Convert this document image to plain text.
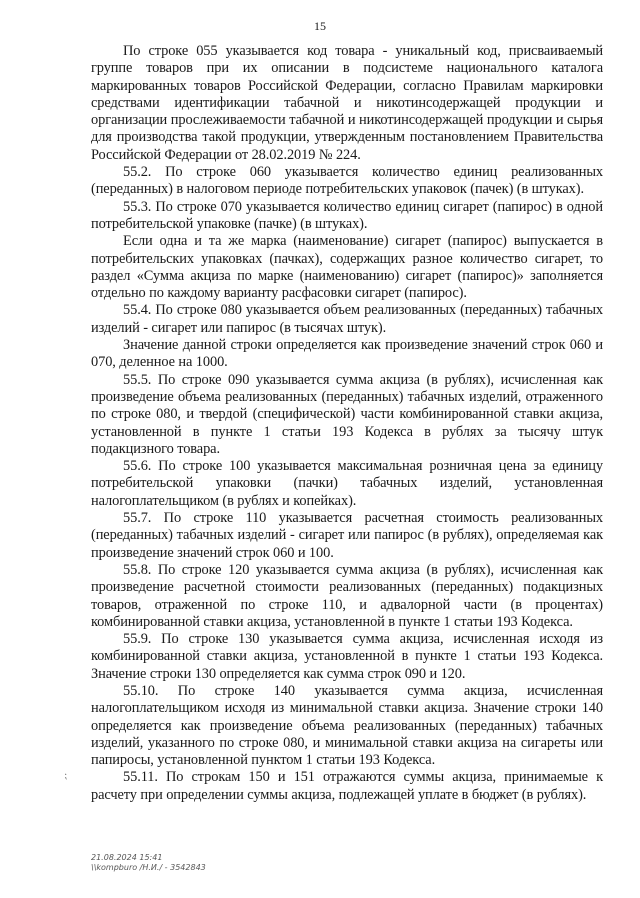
15

По строке 055 указывается код товара - уникальный код, присваиваемый группе товаров при их описании в подсистеме национального каталога маркированных товаров Российской Федерации, согласно Правилам маркировки средствами идентификации табачной и никотинсодержащей продукции и организации прослеживаемости табачной и никотинсодержащей продукции и сырья для производства такой продукции, утвержденным постановлением Правительства Российской Федерации от 28.02.2019 № 224.

55.2. По строке 060 указывается количество единиц реализованных (переданных) в налоговом периоде потребительских упаковок (пачек) (в штуках).

55.3. По строке 070 указывается количество единиц сигарет (папирос) в одной потребительской упаковке (пачке) (в штуках).

Если одна и та же марка (наименование) сигарет (папирос) выпускается в потребительских упаковках (пачках), содержащих разное количество сигарет, то раздел «Сумма акциза по марке (наименованию) сигарет (папирос)» заполняется отдельно по каждому варианту расфасовки сигарет (папирос).

55.4. По строке 080 указывается объем реализованных (переданных) табачных изделий - сигарет или папирос (в тысячах штук).

Значение данной строки определяется как произведение значений строк 060 и 070, деленное на 1000.

55.5. По строке 090 указывается сумма акциза (в рублях), исчисленная как произведение объема реализованных (переданных) табачных изделий, отраженного по строке 080, и твердой (специфической) части комбинированной ставки акциза, установленной в пункте 1 статьи 193 Кодекса в рублях за тысячу штук подакцизного товара.

55.6. По строке 100 указывается максимальная розничная цена за единицу потребительской упаковки (пачки) табачных изделий, установленная налогоплательщиком (в рублях и копейках).

55.7. По строке 110 указывается расчетная стоимость реализованных (переданных) табачных изделий - сигарет или папирос (в рублях), определяемая как произведение значений строк 060 и 100.

55.8. По строке 120 указывается сумма акциза (в рублях), исчисленная как произведение расчетной стоимости реализованных (переданных) подакцизных товаров, отраженной по строке 110, и адвалорной части (в процентах) комбинированной ставки акциза, установленной в пункте 1 статьи 193 Кодекса.

55.9. По строке 130 указывается сумма акциза, исчисленная исходя из комбинированной ставки акциза, установленной в пункте 1 статьи 193 Кодекса. Значение строки 130 определяется как сумма строк 090 и 120.

55.10. По строке 140 указывается сумма акциза, исчисленная налогоплательщиком исходя из минимальной ставки акциза. Значение строки 140 определяется как произведение объема реализованных (переданных) табачных изделий, указанного по строке 080, и минимальной ставки акциза на сигареты или папиросы, установленной пунктом 1 статьи 193 Кодекса.

55.11. По строкам 150 и 151 отражаются суммы акциза, принимаемые к расчету при определении суммы акциза, подлежащей уплате в бюджет (в рублях).

⁏
21.08.2024 15:41
\\kompburo /Н.И./ - 3542843
